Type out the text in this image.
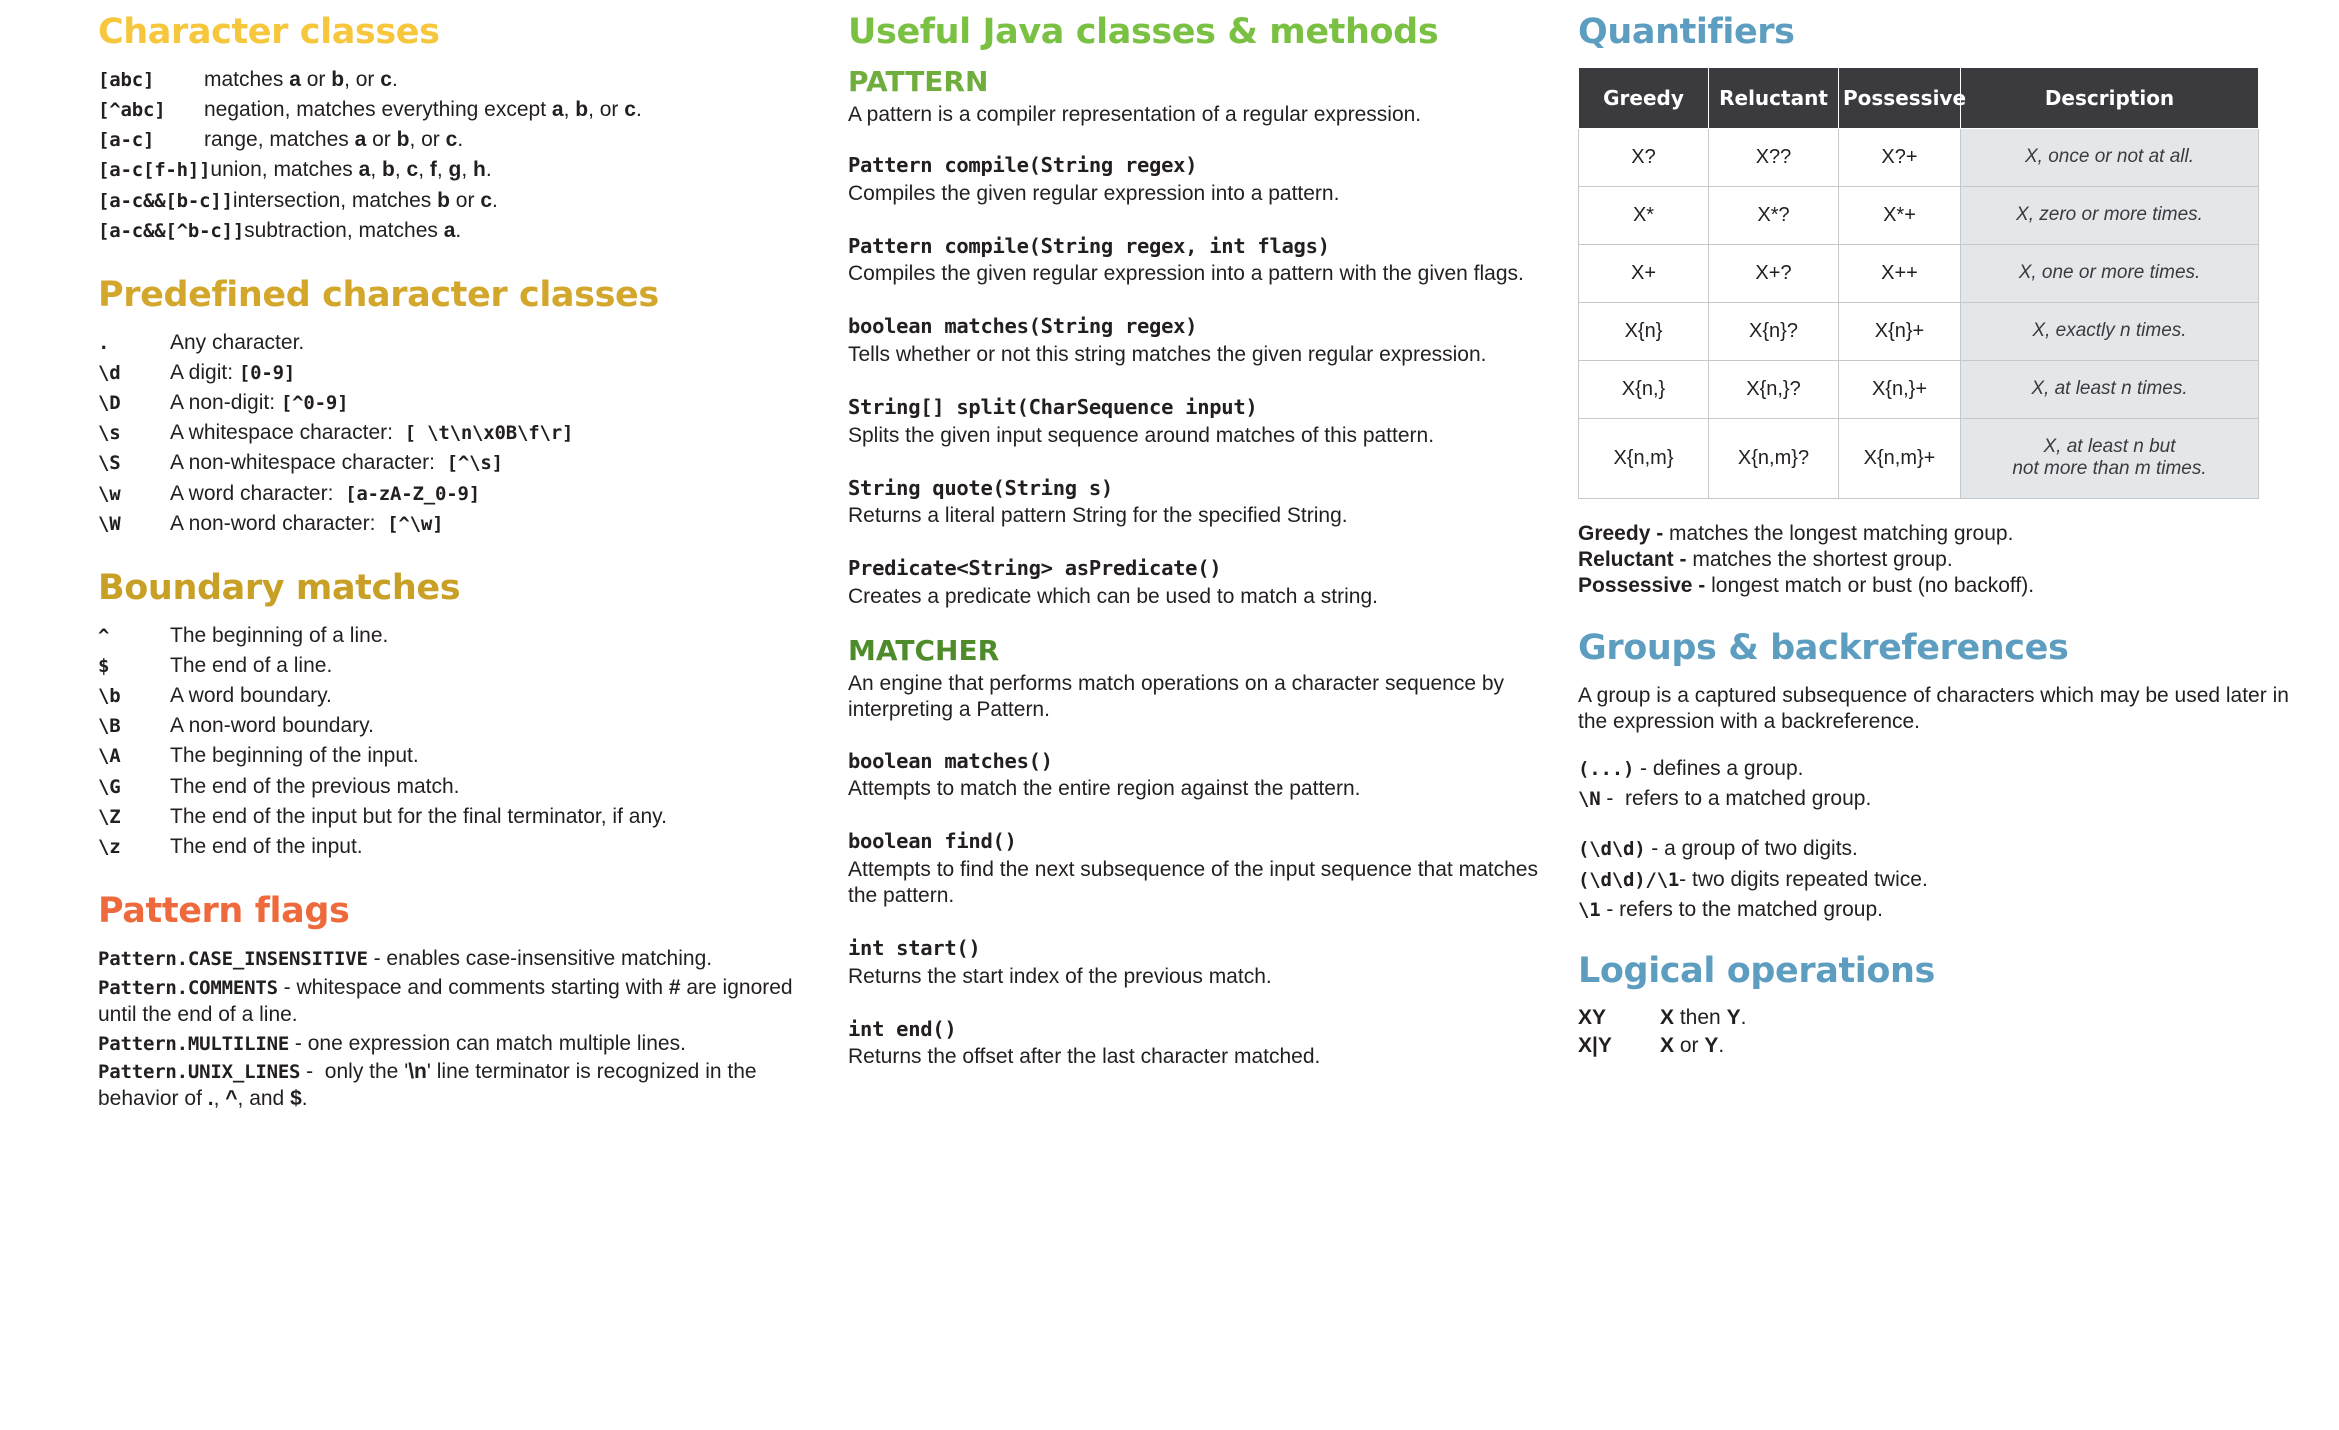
Character classes
[abc]	matches a or b, or c.
[^abc]	negation, matches everything except a, b, or c.
[a-c]	range, matches a or b, or c.
[a-c[f-h]] union, matches a, b, c, f, g, h.
[a-c&&[b-c]] intersection, matches b or c.
[a-c&&[^b-c]] subtraction, matches a.
Predefined character classes
.	Any character.
\d	A digit: [0-9]
\D	A non-digit: [^0-9]
\s	A whitespace character:  [ \t\n\x0B\f\r]
\S	A non-whitespace character:  [^\s]
\w	A word character:  [a-zA-Z_0-9]
\W	A non-word character:  [^\w]
Boundary matches
^	The beginning of a line.
$	The end of a line.
\b	A word boundary.
\B	A non-word boundary.
\A	The beginning of the input.
\G	The end of the previous match.
\Z	The end of the input but for the final terminator, if any.
\z	The end of the input.
Pattern flags
Pattern.CASE_INSENSITIVE - enables case-insensitive matching.
Pattern.COMMENTS - whitespace and comments starting with # are ignored until the end of a line.
Pattern.MULTILINE - one expression can match multiple lines.
Pattern.UNIX_LINES -  only the '\n' line terminator is recognized in the behavior of ., ^, and $.
Useful Java classes & methods
PATTERN

A pattern is a compiler representation of a regular expression.

Pattern compile(String regex)
Compiles the given regular expression into a pattern.
Pattern compile(String regex, int flags)
Compiles the given regular expression into a pattern with the given flags.
boolean matches(String regex)
Tells whether or not this string matches the given regular expression.
String[] split(CharSequence input)
Splits the given input sequence around matches of this pattern.
String quote(String s)
Returns a literal pattern String for the specified String.
Predicate<String> asPredicate()
Creates a predicate which can be used to match a string.
MATCHER

An engine that performs match operations on a character sequence by interpreting a Pattern.

boolean matches()
Attempts to match the entire region against the pattern.
boolean find()
Attempts to find the next subsequence of the input sequence that matches the pattern.
int start()
Returns the start index of the previous match.
int end()
Returns the offset after the last character matched.
Quantifiers
Greedy	Reluctant	Possessive	Description
X?	X??	X?+	X, once or not at all.
X*	X*?	X*+	X, zero or more times.
X+	X+?	X++	X, one or more times.
X{n}	X{n}?	X{n}+	X, exactly n times.
X{n,}	X{n,}?	X{n,}+	X, at least n times.
X{n,m}	X{n,m}?	X{n,m}+	X, at least n but
not more than m times.
Greedy - matches the longest matching group.
Reluctant - matches the shortest group.
Possessive - longest match or bust (no backoff).
Groups & backreferences

A group is a captured subsequence of characters which may be used later in the expression with a backreference.

(...) - defines a group.
\N -  refers to a matched group.
(\d\d) - a group of two digits.
(\d\d)/\1- two digits repeated twice.
\1 - refers to the matched group.
Logical operations
XY	X then Y.
X|Y	X or Y.
